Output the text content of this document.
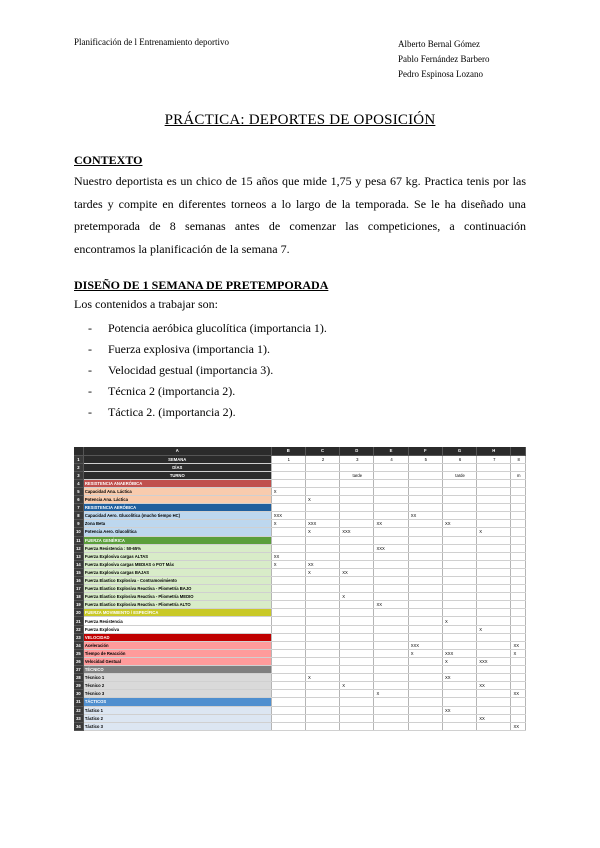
Planificación de l Entrenamiento deportivo	Alberto Bernal Gómez
Pablo Fernández Barbero
Pedro Espinosa Lozano
PRÁCTICA: DEPORTES DE OPOSICIÓN
CONTEXTO
Nuestro deportista es un chico de 15 años que mide 1,75 y pesa 67 kg. Practica tenis por las tardes y compite en diferentes torneos a lo largo de la temporada. Se le ha diseñado una pretemporada de 8 semanas antes de comenzar las competiciones, a continuación encontramos la planificación de la semana 7.
DISEÑO DE 1 SEMANA DE PRETEMPORADA
Los contenidos a trabajar son:
- Potencia aeróbica glucolítica (importancia 1).
- Fuerza explosiva (importancia 1).
- Velocidad gestual (importancia 3).
- Técnica 2 (importancia 2).
- Táctica 2. (importancia 2).
	A	B	C	D	E	F	G	H	
1	SEMANA	1	2	3	4	5	6	7	8
2	DÍAS								
3	TURNO			tarde			tarde		m
4	RESISTENCIA ANAERÓBICA								
5	Capacidad Ana. Láctica	X							
6	Potencia Ana. Láctica		X						
7	RESISTENCIA AERÓBICA								
8	Capacidad Aero. Glucolítica (mucho tiempo HC)	XXX				XX			
9	Zona Beta	X	XXX		XX		XX		
10	Potencia Aero. Glucolítica		X	XXX				X	
11	FUERZA GENÉRICA								
12	Fuerza Resistencia : 50-65%				XXX				
13	Fuerza Explosiva cargas ALTAS	XX							
14	Fuerza Explosiva cargas MEDIAS o POT Máx	X	XX						
15	Fuerza Explosiva cargas BAJAS		X	XX					
16	Fuerza Elastico Explosiva - Contramovimiento								
17	Fuerza Elastico Explosiva Reactiva - Pliometría BAJO								
18	Fuerza Elastico Explosiva Reactiva - Pliometría MEDIO			X					
19	Fuerza Elastico Explosiva Reactiva - Pliometría ALTO				XX				
20	FUERZA MOVIMIENTO / ESPECÍFICA								
21	Fuerza Resistencia						X		
22	Fuerza Explosiva							X	
23	VELOCIDAD								
24	Aceleración					XXX			XX
25	Tiempo de Reacción					X	XXX		X
26	Velocidad Gestual						X	XXX	
27	TÉCNICO								
28	Técnico 1		X				XX		
29	Técnico 2			X				XX	
30	Técnico 3				X				XX
31	TÁCTICOS								
32	Táctico 1						XX		
33	Táctico 2							XX	
34	Táctico 3								XX
